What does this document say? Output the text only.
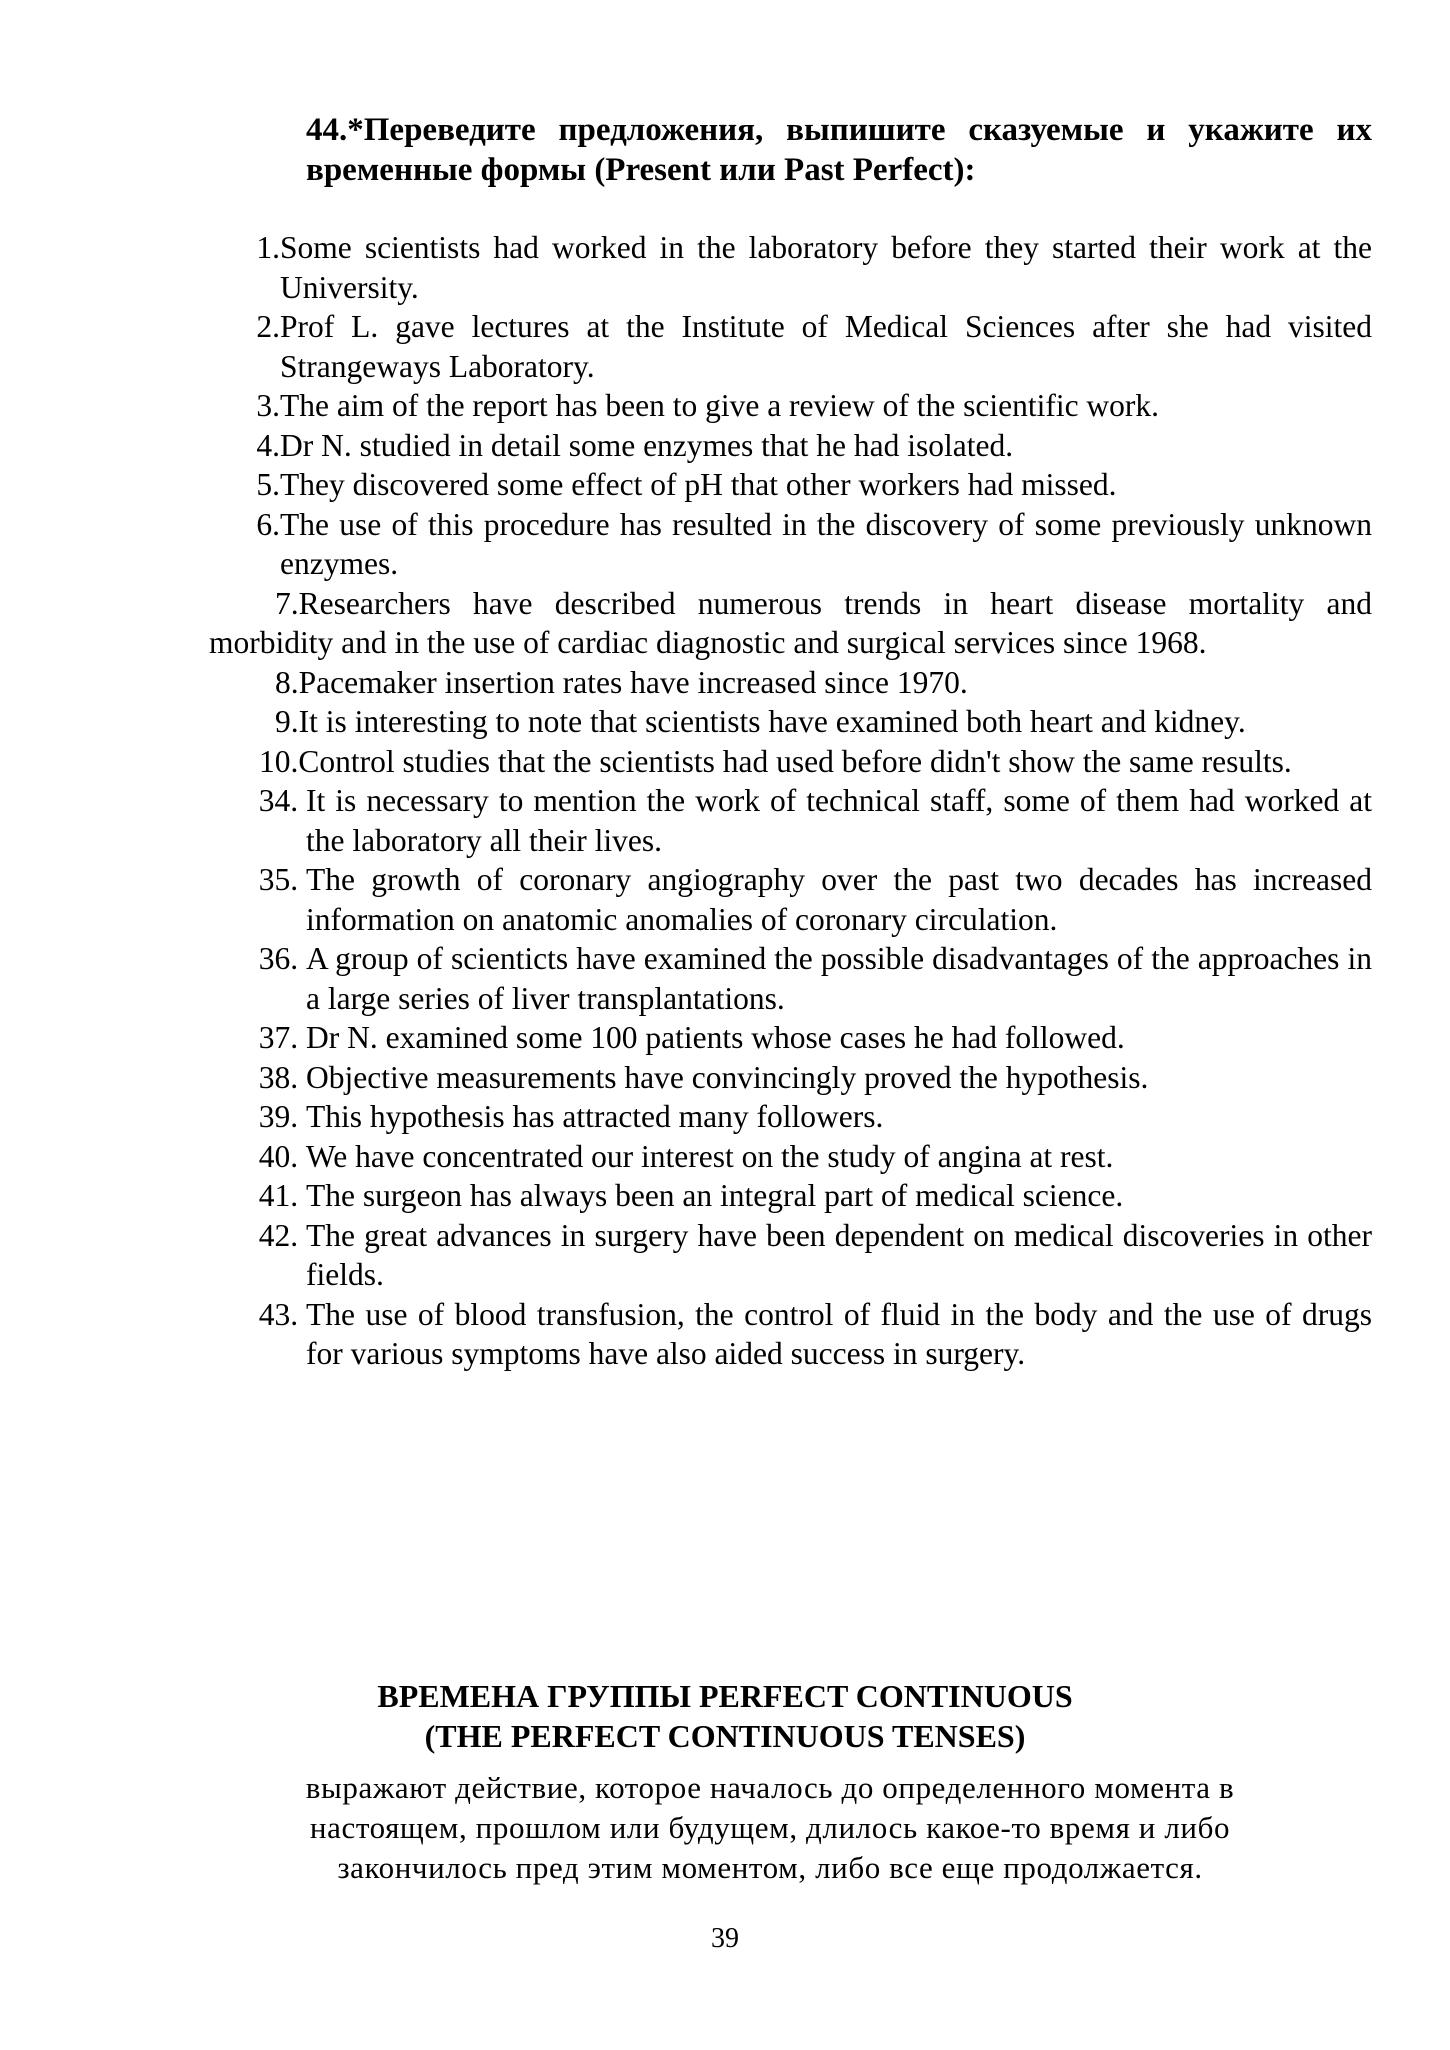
44.*Переведите предложения, выпишите сказуемые и укажите их временные формы (Present или Past Perfect):
1. Some scientists had worked in the laboratory before they started their work at the University.
2. Prof L. gave lectures at the Institute of Medical Sciences after she had visited Strangeways Laboratory.
3. The aim of the report has been to give a review of the scientific work.
4. Dr N. studied in detail some enzymes that he had isolated.
5. They discovered some effect of pH that other workers had missed.
6. The use of this procedure has resulted in the discovery of some previously unknown enzymes.
7.Researchers have described numerous trends in heart disease mortality and morbidity and in the use of cardiac diagnostic and surgical services since 1968.
8.Pacemaker insertion rates have increased since 1970.
9.It is interesting to note that scientists have examined both heart and kidney.
10.Control studies that the scientists had used before didn't show the same results.
34. It is necessary to mention the work of technical staff, some of them had worked at the laboratory all their lives.
35. The growth of coronary angiography over the past two decades has increased information on anatomic anomalies of coronary circulation.
36. A group of scienticts have examined the possible disadvantages of the approaches in a large series of liver transplantations.
37. Dr N. examined some 100 patients whose cases he had followed.
38. Objective measurements have convincingly proved the hypothesis.
39. This hypothesis has attracted many followers.
40. We have concentrated our interest on the study of angina at rest.
41. The surgeon has always been an integral part of medical science.
42. The great advances in surgery have been dependent on medical discoveries in other fields.
43. The use of blood transfusion, the control of fluid in the body and the use of drugs for various symptoms have also aided success in surgery.
ВРЕМЕНА ГРУППЫ PERFECT CONTINUOUS
(THE PERFECT CONTINUOUS TENSES)
выражают действие, которое началось до определенного момента в настоящем, прошлом или будущем, длилось какое-то время и либо закончилось пред этим моментом, либо все еще продолжается.
39
